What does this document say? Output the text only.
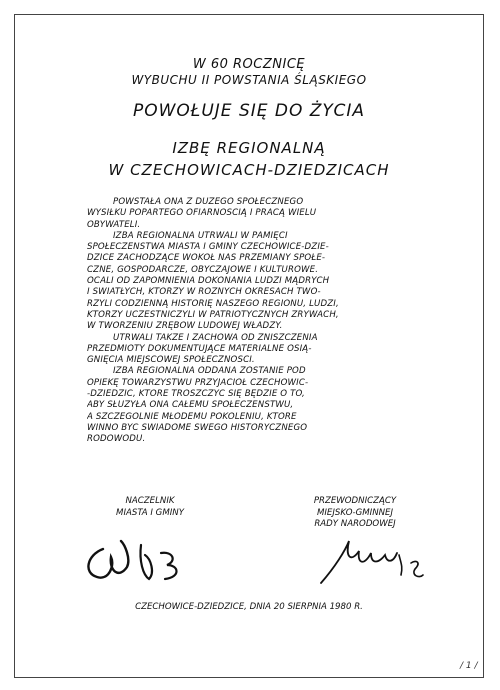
W 60 ROCZNICĘ
WYBUCHU II POWSTANIA ŚLĄSKIEGO
POWOŁUJE SIĘ DO ŻYCIA
IZBĘ REGIONALNĄ
W CZECHOWICACH-DZIEDZICACH
POWSTAŁA ONA Z DUŻEGO SPOŁECZNEGO
WYSIŁKU POPARTEGO OFIARNOŚCIĄ I PRACĄ WIELU
OBYWATELI.
IZBA REGIONALNA UTRWALI W PAMIĘCI
SPOŁECZEŃSTWA MIASTA I GMINY CZECHOWICE-DZIE-
DZICE ZACHODZĄCE WOKÓŁ NAS PRZEMIANY SPOŁE-
CZNE, GOSPODARCZE, OBYCZAJOWE I KULTUROWE.
OCALI OD ZAPOMNIENIA DOKONANIA LUDZI MĄDRYCH
I ŚWIATŁYCH, KTÓRZY W RÓŻNYCH OKRESACH TWO-
RZYLI CODZIENNĄ HISTORIĘ NASZEGO REGIONU, LUDZI,
KTÓRZY UCZESTNICZYLI W PATRIOTYCZNYCH ZRYWACH,
W TWORZENIU ZRĘBÓW LUDOWEJ WŁADZY.
UTRWALI TAKŻE I ZACHOWA OD ZNISZCZENIA
PRZEDMIOTY DOKUMENTUJĄCE MATERIALNE OSIĄ-
GNIĘCIA MIEJSCOWEJ SPOŁECZNOŚCI.
IZBA REGIONALNA ODDANA ZOSTANIE POD
OPIEKĘ TOWARZYSTWU PRZYJACIÓŁ CZECHOWIC-
-DZIEDZIC, KTÓRE TROSZCZYĆ SIĘ BĘDZIE O TO,
ABY SŁUŻYŁA ONA CAŁEMU SPOŁECZEŃSTWU,
A SZCZEGÓLNIE MŁODEMU POKOLENIU, KTÓRE
WINNO BYĆ ŚWIADOME SWEGO HISTORYCZNEGO
RODOWODU.
NACZELNIK
MIASTA I GMINY
PRZEWODNICZĄCY
MIEJSKO-GMINNEJ
RADY NARODOWEJ
CZECHOWICE-DZIEDZICE, DNIA 20 SIERPNIA 1980 R.
/ 1 /
